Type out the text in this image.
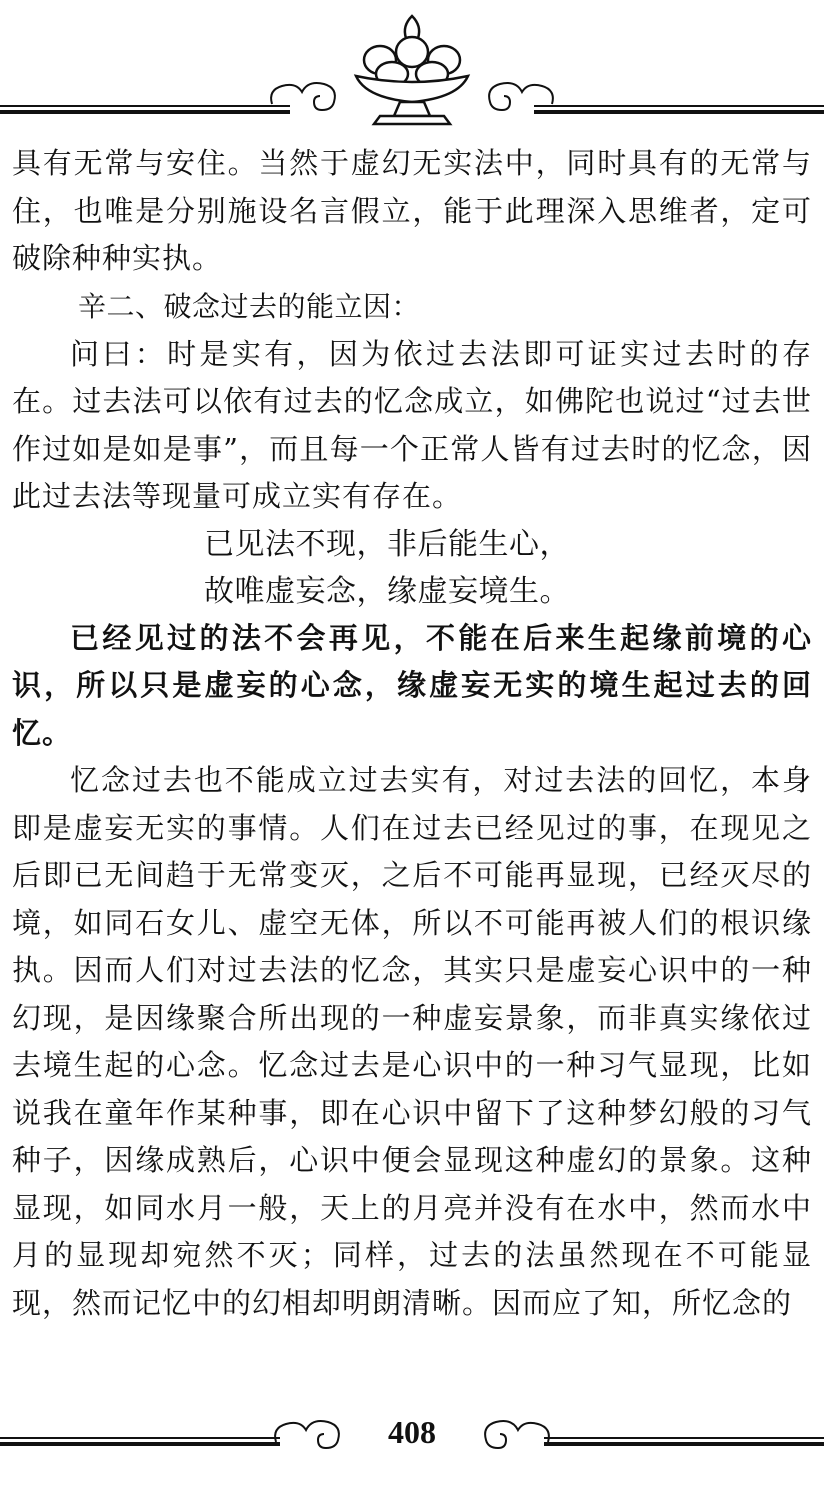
具有无常与安住。当然于虚幻无实法中，同时具有的无常与住，也唯是分别施设名言假立，能于此理深入思维者，定可破除种种实执。

辛二、破念过去的能立因：

问曰：时是实有，因为依过去法即可证实过去时的存在。过去法可以依有过去的忆念成立，如佛陀也说过“过去世作过如是如是事”，而且每一个正常人皆有过去时的忆念，因此过去法等现量可成立实有存在。

已见法不现，非后能生心，

故唯虚妄念，缘虚妄境生。

已经见过的法不会再见，不能在后来生起缘前境的心识，所以只是虚妄的心念，缘虚妄无实的境生起过去的回忆。

忆念过去也不能成立过去实有，对过去法的回忆，本身即是虚妄无实的事情。人们在过去已经见过的事，在现见之后即已无间趋于无常变灭，之后不可能再显现，已经灭尽的境，如同石女儿、虚空无体，所以不可能再被人们的根识缘执。因而人们对过去法的忆念，其实只是虚妄心识中的一种幻现，是因缘聚合所出现的一种虚妄景象，而非真实缘依过去境生起的心念。忆念过去是心识中的一种习气显现，比如说我在童年作某种事，即在心识中留下了这种梦幻般的习气种子，因缘成熟后，心识中便会显现这种虚幻的景象。这种显现，如同水月一般，天上的月亮并没有在水中，然而水中月的显现却宛然不灭；同样，过去的法虽然现在不可能显现，然而记忆中的幻相却明朗清晰。因而应了知，所忆念的

408
